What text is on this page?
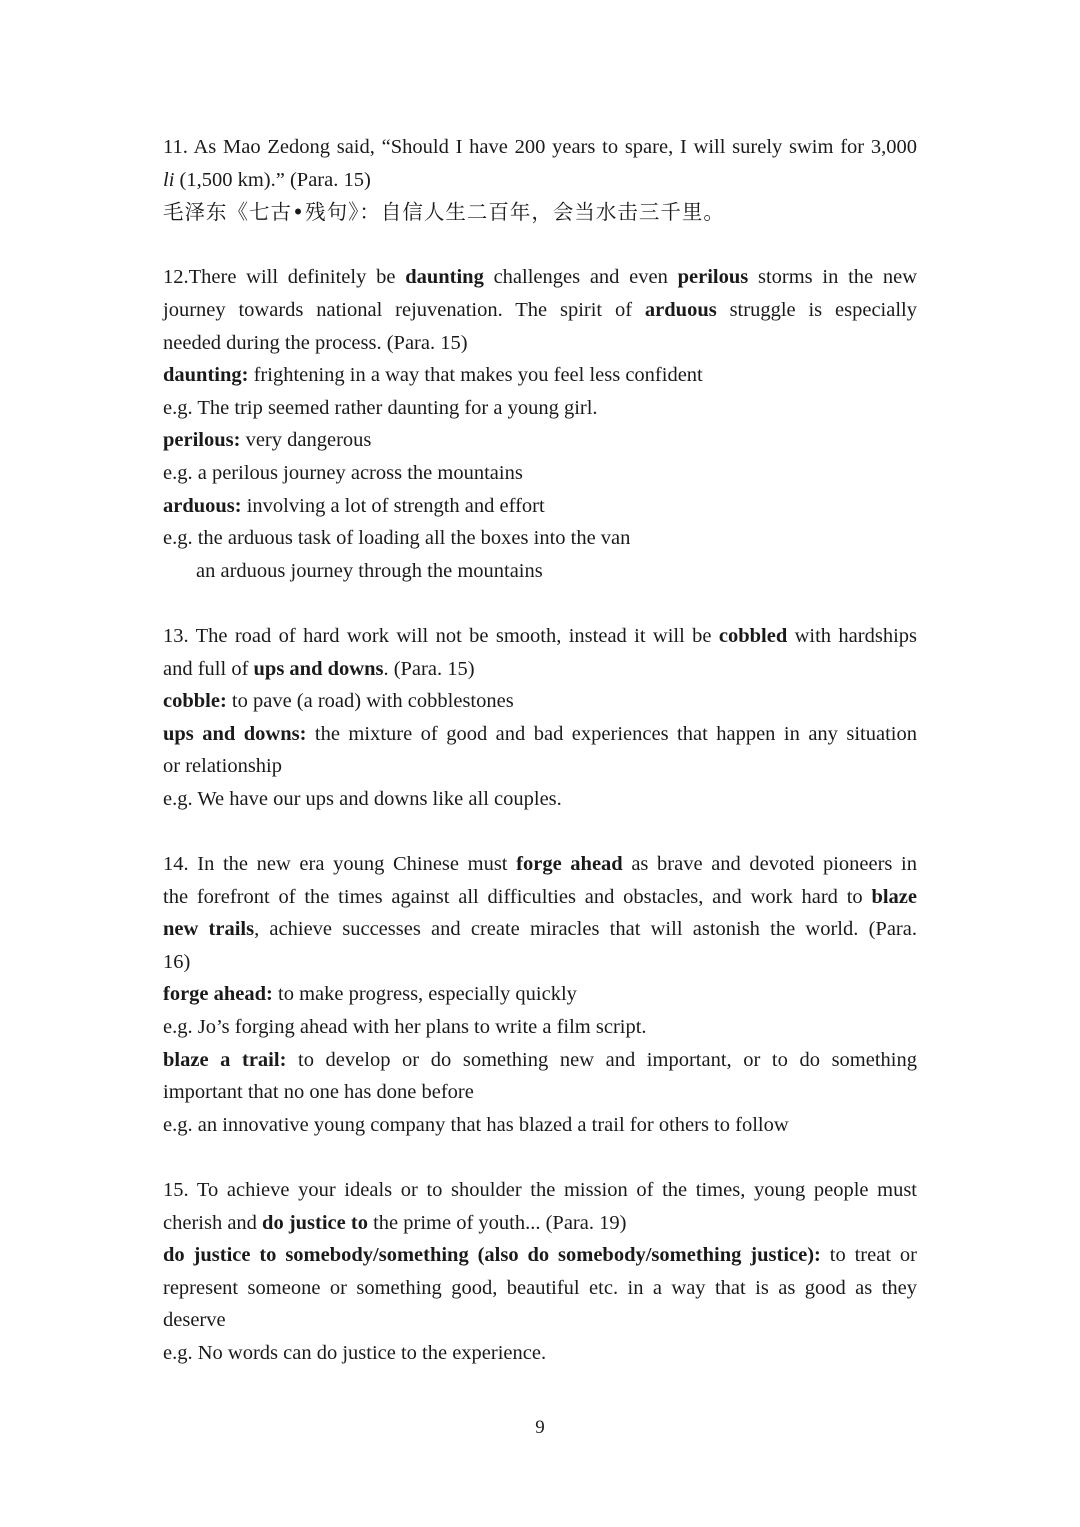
11. As Mao Zedong said, “Should I have 200 years to spare, I will surely swim for 3,000
li (1,500 km).” (Para. 15)
毛泽东《七古•残句》：自信人生二百年，会当水击三千里。
12.There will definitely be daunting challenges and even perilous storms in the new
journey towards national rejuvenation. The spirit of arduous struggle is especially
needed during the process. (Para. 15)
daunting: frightening in a way that makes you feel less confident
e.g. The trip seemed rather daunting for a young girl.
perilous: very dangerous
e.g. a perilous journey across the mountains
arduous: involving a lot of strength and effort
e.g. the arduous task of loading all the boxes into the van
an arduous journey through the mountains
13. The road of hard work will not be smooth, instead it will be cobbled with hardships
and full of ups and downs. (Para. 15)
cobble: to pave (a road) with cobblestones
ups and downs: the mixture of good and bad experiences that happen in any situation
or relationship
e.g. We have our ups and downs like all couples.
14. In the new era young Chinese must forge ahead as brave and devoted pioneers in
the forefront of the times against all difficulties and obstacles, and work hard to blaze
new trails, achieve successes and create miracles that will astonish the world. (Para.
16)
forge ahead: to make progress, especially quickly
e.g. Jo’s forging ahead with her plans to write a film script.
blaze a trail: to develop or do something new and important, or to do something
important that no one has done before
e.g. an innovative young company that has blazed a trail for others to follow
15. To achieve your ideals or to shoulder the mission of the times, young people must
cherish and do justice to the prime of youth... (Para. 19)
do justice to somebody/something (also do somebody/something justice): to treat or
represent someone or something good, beautiful etc. in a way that is as good as they
deserve
e.g. No words can do justice to the experience.
9
